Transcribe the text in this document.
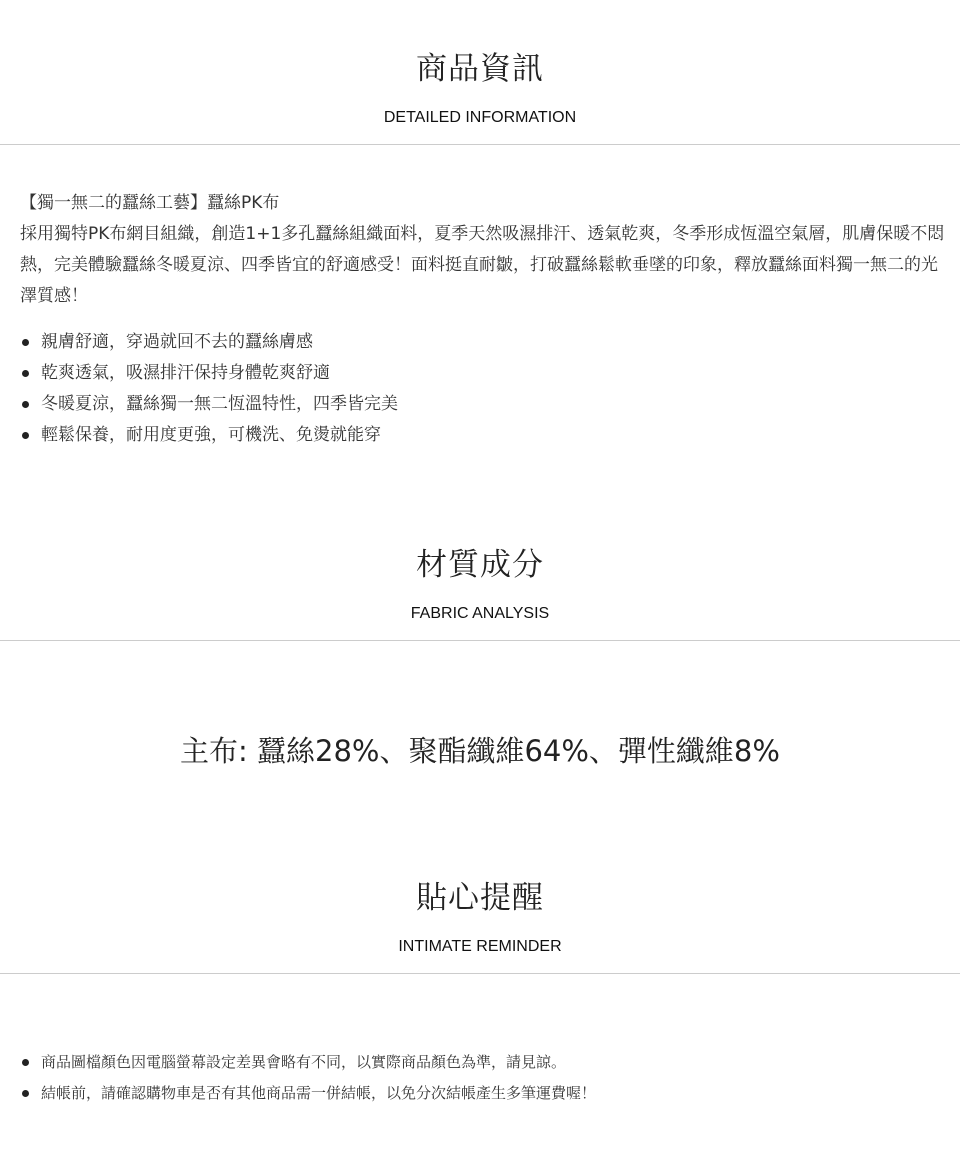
商品資訊
DETAILED INFORMATION
【獨一無二的蠶絲工藝】蠶絲PK布
採用獨特PK布網目組織，創造1+1多孔蠶絲組織面料，夏季天然吸濕排汗、透氣乾爽，冬季形成恆溫空氣層，肌膚保暖不悶熱，完美體驗蠶絲冬暖夏涼、四季皆宜的舒適感受！面料挺直耐皺，打破蠶絲鬆軟垂墜的印象，釋放蠶絲面料獨一無二的光澤質感！
親膚舒適，穿過就回不去的蠶絲膚感
乾爽透氣，吸濕排汗保持身體乾爽舒適
冬暖夏涼，蠶絲獨一無二恆溫特性，四季皆完美
輕鬆保養，耐用度更強，可機洗、免燙就能穿
材質成分
FABRIC ANALYSIS
主布: 蠶絲28%、聚酯纖維64%、彈性纖維8%
貼心提醒
INTIMATE REMINDER
商品圖檔顏色因電腦螢幕設定差異會略有不同，以實際商品顏色為準，請見諒。
結帳前，請確認購物車是否有其他商品需一併結帳，以免分次結帳產生多筆運費喔！
